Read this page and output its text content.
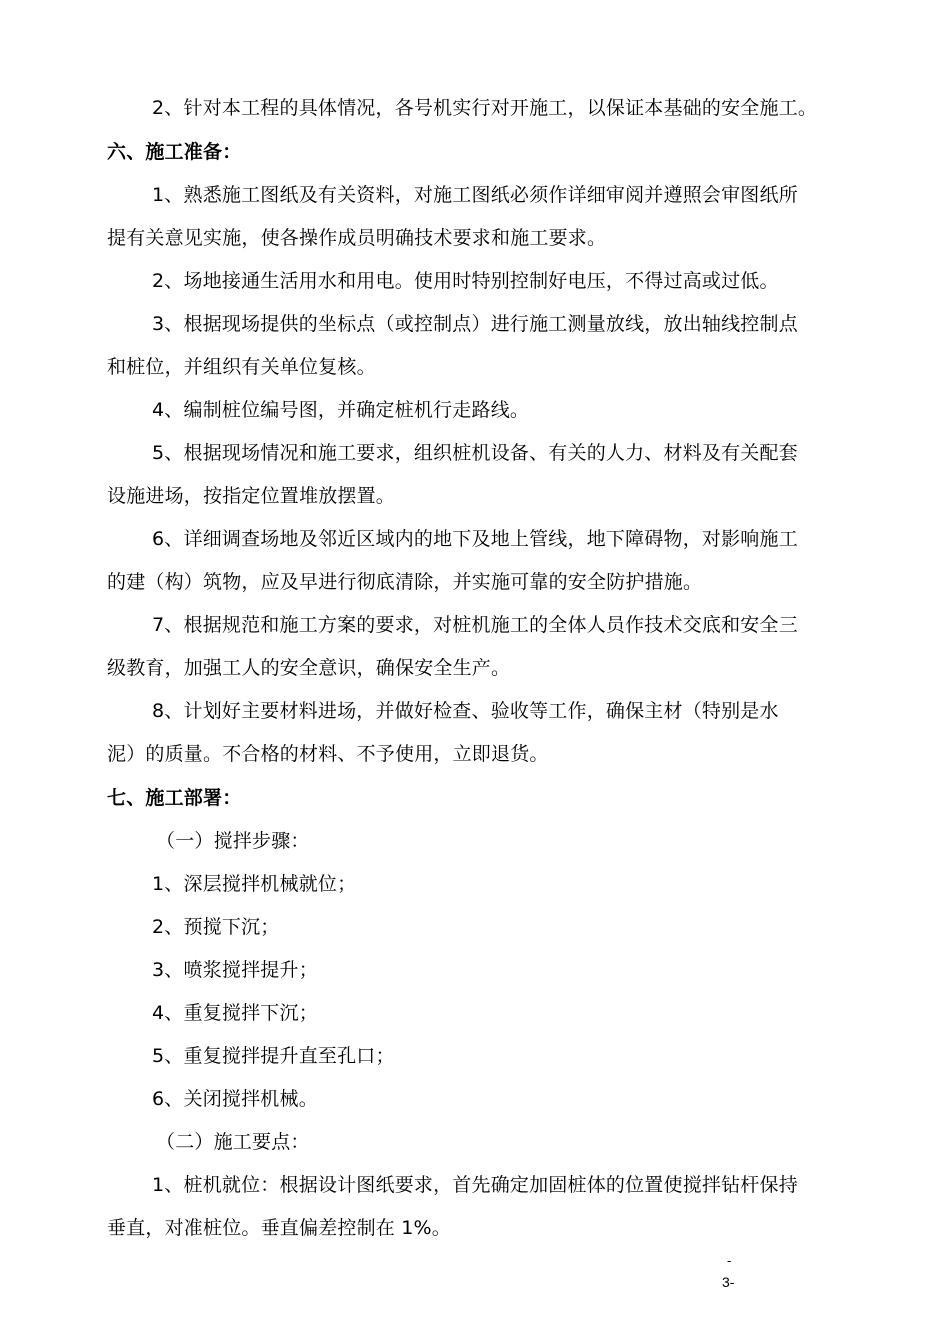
2、针对本工程的具体情况，各号机实行对开施工，以保证本基础的安全施工。
六、施工准备：
1、熟悉施工图纸及有关资料，对施工图纸必须作详细审阅并遵照会审图纸所
提有关意见实施，使各操作成员明确技术要求和施工要求。
2、场地接通生活用水和用电。使用时特别控制好电压，不得过高或过低。
3、根据现场提供的坐标点（或控制点）进行施工测量放线，放出轴线控制点
和桩位，并组织有关单位复核。
4、编制桩位编号图，并确定桩机行走路线。
5、根据现场情况和施工要求，组织桩机设备、有关的人力、材料及有关配套
设施进场，按指定位置堆放摆置。
6、详细调查场地及邻近区域内的地下及地上管线，地下障碍物，对影响施工
的建（构）筑物，应及早进行彻底清除，并实施可靠的安全防护措施。
7、根据规范和施工方案的要求，对桩机施工的全体人员作技术交底和安全三
级教育，加强工人的安全意识，确保安全生产。
8、计划好主要材料进场，并做好检查、验收等工作，确保主材（特别是水
泥）的质量。不合格的材料、不予使用，立即退货。
七、施工部署：
（一）搅拌步骤：
1、深层搅拌机械就位；
2、预搅下沉；
3、喷浆搅拌提升；
4、重复搅拌下沉；
5、重复搅拌提升直至孔口；
6、关闭搅拌机械。
（二）施工要点：
1、桩机就位：根据设计图纸要求，首先确定加固桩体的位置使搅拌钻杆保持
垂直，对准桩位。垂直偏差控制在 1%。
-
3-
